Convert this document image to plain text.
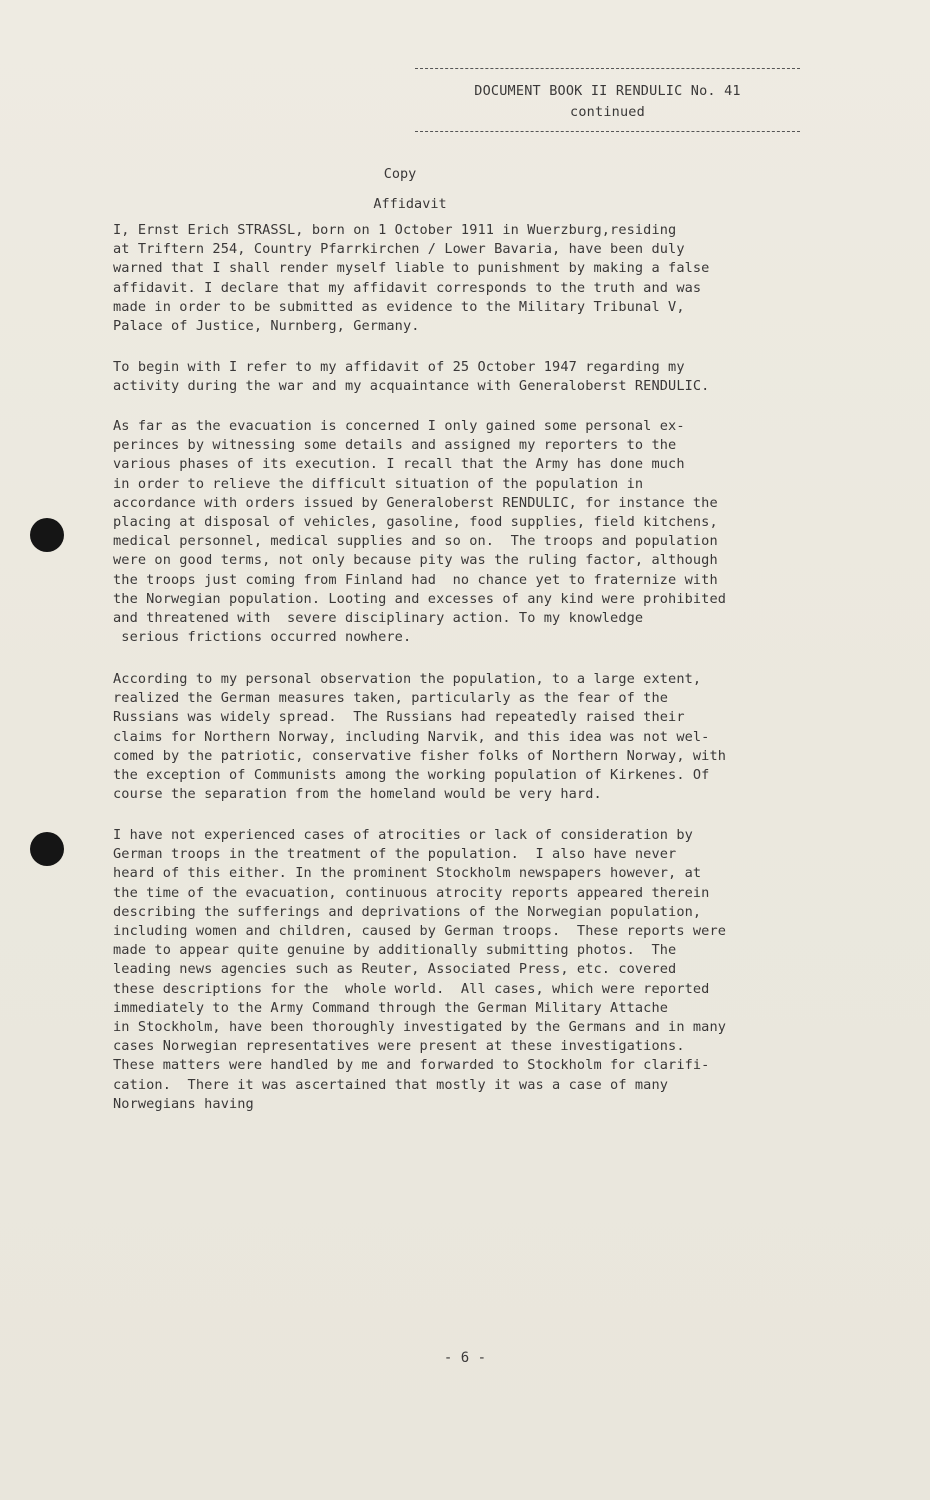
DOCUMENT BOOK II RENDULIC No. 41
continued
Copy
Affidavit
I, Ernst Erich STRASSL, born on 1 October 1911 in Wuerzburg,residing
at Triftern 254, Country Pfarrkirchen / Lower Bavaria, have been duly
warned that I shall render myself liable to punishment by making a false
affidavit. I declare that my affidavit corresponds to the truth and was
made in order to be submitted as evidence to the Military Tribunal V,
Palace of Justice, Nurnberg, Germany.
To begin with I refer to my affidavit of 25 October 1947 regarding my
activity during the war and my acquaintance with Generaloberst RENDULIC.
As far as the evacuation is concerned I only gained some personal ex-
perinces by witnessing some details and assigned my reporters to the
various phases of its execution. I recall that the Army has done much
in order to relieve the difficult situation of the population in
accordance with orders issued by Generaloberst RENDULIC, for instance the
placing at disposal of vehicles, gasoline, food supplies, field kitchens,
medical personnel, medical supplies and so on.  The troops and population
were on good terms, not only because pity was the ruling factor, although
the troops just coming from Finland had  no chance yet to fraternize with
the Norwegian population. Looting and excesses of any kind were prohibited
and threatened with  severe disciplinary action. To my knowledge
serious frictions occurred nowhere.
According to my personal observation the population, to a large extent,
realized the German measures taken, particularly as the fear of the
Russians was widely spread.  The Russians had repeatedly raised their
claims for Northern Norway, including Narvik, and this idea was not wel-
comed by the patriotic, conservative fisher folks of Northern Norway, with
the exception of Communists among the working population of Kirkenes. Of
course the separation from the homeland would be very hard.
I have not experienced cases of atrocities or lack of consideration by
German troops in the treatment of the population.  I also have never
heard of this either. In the prominent Stockholm newspapers however, at
the time of the evacuation, continuous atrocity reports appeared therein
describing the sufferings and deprivations of the Norwegian population,
including women and children, caused by German troops.  These reports were
made to appear quite genuine by additionally submitting photos.  The
leading news agencies such as Reuter, Associated Press, etc. covered
these descriptions for the  whole world.  All cases, which were reported
immediately to the Army Command through the German Military Attache
in Stockholm, have been thoroughly investigated by the Germans and in many
cases Norwegian representatives were present at these investigations.
These matters were handled by me and forwarded to Stockholm for clarifi-
cation.  There it was ascertained that mostly it was a case of many
Norwegians having
- 6 -
